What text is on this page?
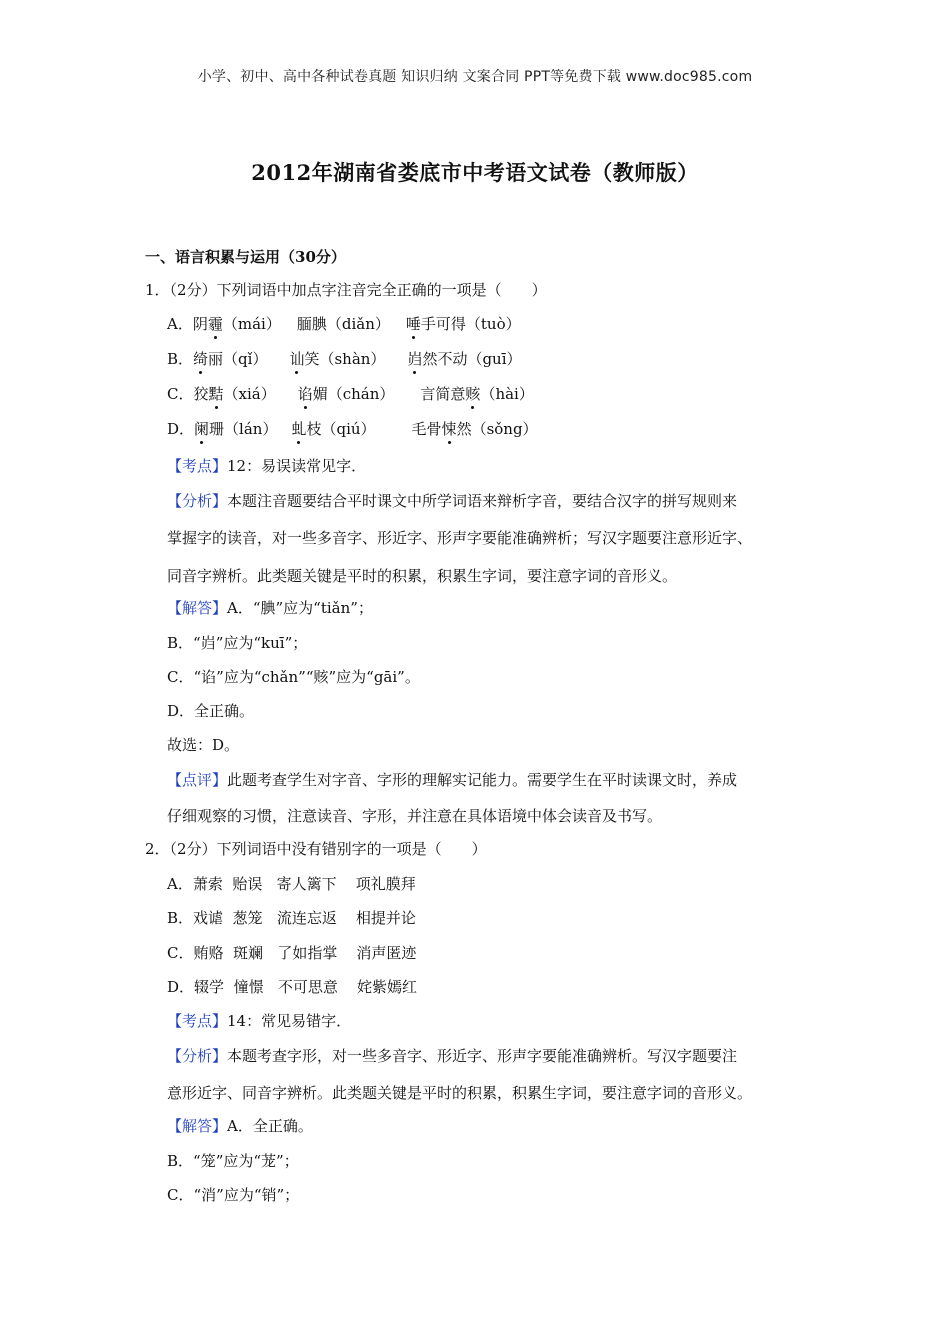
小学、初中、高中各种试卷真题 知识归纳 文案合同 PPT等免费下载 www.doc985.com
2012年湖南省娄底市中考语文试卷（教师版）
一、语言积累与运用（30分）
1．（2分）下列词语中加点字注音完全正确的一项是（　　）
A．阴霾（mái） 腼腆（diǎn） 唾手可得（tuò）
B．绮丽（qǐ） 讪笑（shàn） 岿然不动（guī）
C．狡黠（xiá） 谄媚（chán） 言简意赅（hài）
D．阑珊（lán） 虬枝（qiú） 毛骨悚然（sǒng）
【考点】12：易误读常见字．
【分析】本题注音题要结合平时课文中所学词语来辩析字音，要结合汉字的拼写规则来
掌握字的读音，对一些多音字、形近字、形声字要能准确辨析；写汉字题要注意形近字、
同音字辨析。此类题关键是平时的积累，积累生字词，要注意字词的音形义。
【解答】A．“腆”应为“tiǎn”；
B．“岿”应为“kuī”；
C．“谄”应为“chǎn”“赅”应为“gāi”。
D．全正确。
故选：D。
【点评】此题考查学生对字音、字形的理解实记能力。需要学生在平时读课文时，养成
仔细观察的习惯，注意读音、字形，并注意在具体语境中体会读音及书写。
2．（2分）下列词语中没有错别字的一项是（　　）
A．萧索  贻误   寄人篱下    项礼膜拜
B．戏谑  葱笼   流连忘返    相提并论
C．贿赂  斑斓   了如指掌    消声匿迹
D．辍学  憧憬   不可思意    姹紫嫣红
【考点】14：常见易错字．
【分析】本题考查字形，对一些多音字、形近字、形声字要能准确辨析。写汉字题要注
意形近字、同音字辨析。此类题关键是平时的积累，积累生字词，要注意字词的音形义。
【解答】A．全正确。
B．“笼”应为“茏”；
C．“消”应为“销”；
